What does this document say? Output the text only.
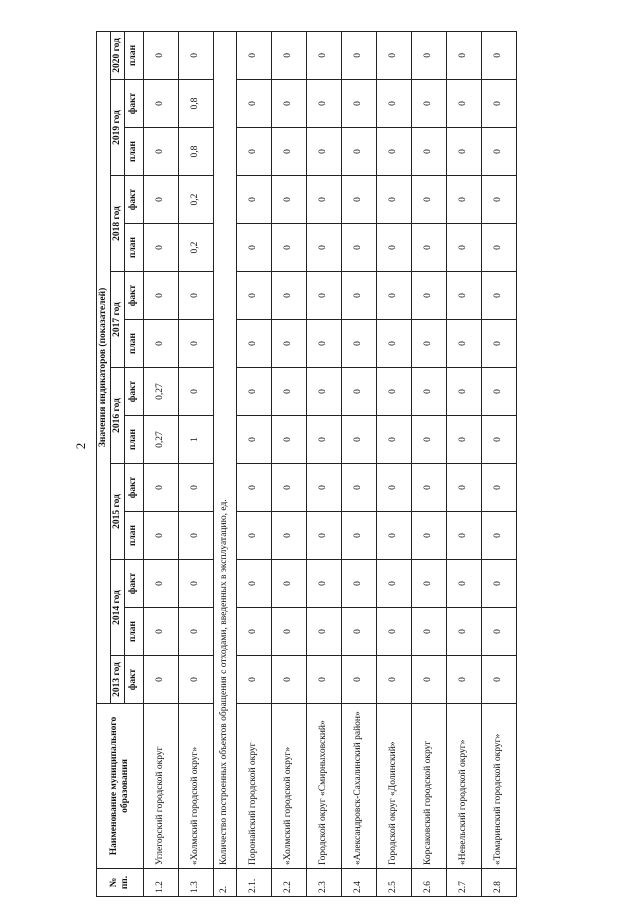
2
№ пп.	Наименование муниципального образования	Значения индикаторов (показателей)													
		2013 год	2014 год		2015 год		2016 год		2017 год		2018 год		2019 год		2020 год
		факт	план	факт	план	факт	план	факт	план	факт	план	факт	план	факт	план
1.2	Углегорский городской округ	0	0	0	0	0	0,27	0,27	0	0	0	0	0	0	0
1.3	«Холмский городской округ»	0	0	0	0	0	1	0	0	0	0,2	0,2	0,8	0,8	0
2.	Количество построенных объектов обращения с отходами, введенных в эксплуатацию, ед.														
2.1.	Поронайский городской округ	0	0	0	0	0	0	0	0	0	0	0	0	0	0
2.2	«Холмский городской округ»	0	0	0	0	0	0	0	0	0	0	0	0	0	0
2.3	Городской округ «Смирныховский»	0	0	0	0	0	0	0	0	0	0	0	0	0	0
2.4	«Александровск-Сахалинский район»	0	0	0	0	0	0	0	0	0	0	0	0	0	0
2.5	Городской округ «Долинский»	0	0	0	0	0	0	0	0	0	0	0	0	0	0
2.6	Корсаковский городской округ	0	0	0	0	0	0	0	0	0	0	0	0	0	0
2.7	«Невельский городской округ»	0	0	0	0	0	0	0	0	0	0	0	0	0	0
2.8	«Томаринский городской округ»	0	0	0	0	0	0	0	0	0	0	0	0	0	0
